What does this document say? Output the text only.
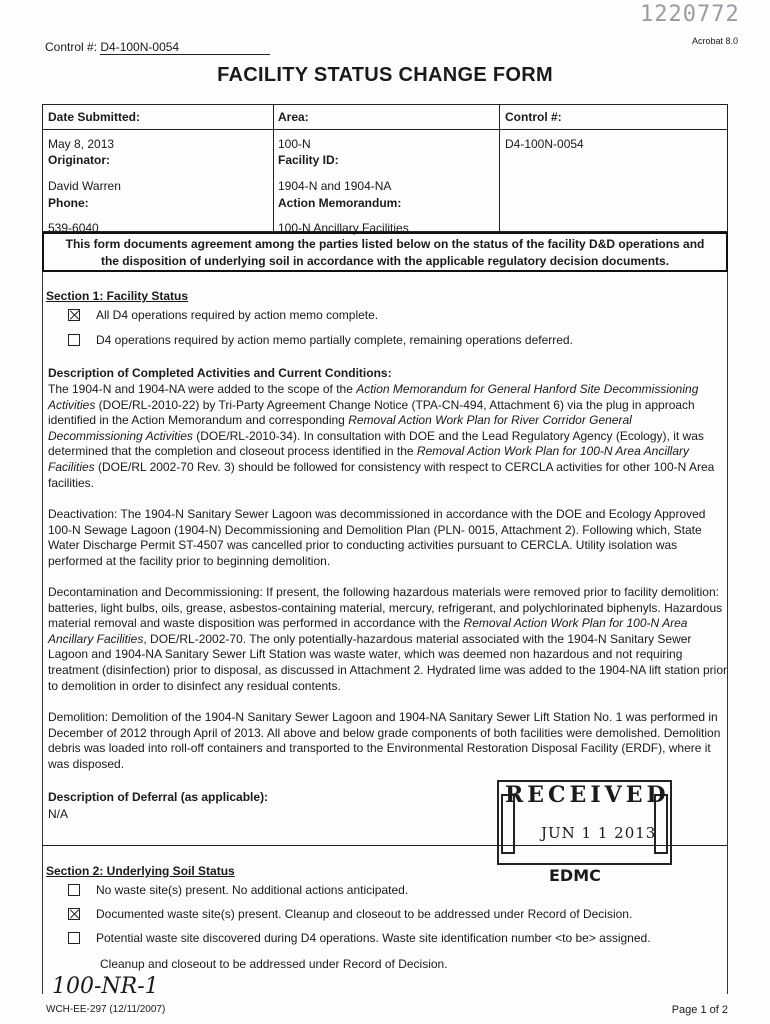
1220772
Acrobat 8.0
Control #: D4-100N-0054
FACILITY STATUS CHANGE FORM
Date Submitted:
May 8, 2013
Originator:
David Warren
Phone:
539-6040
Area:
100-N
Facility ID:
1904-N and 1904-NA
Action Memorandum:
100-N Ancillary Facilities
Control #:
D4-100N-0054
This form documents agreement among the parties listed below on the status of the facility D&D operations and
the disposition of underlying soil in accordance with the applicable regulatory decision documents.
Section 1: Facility Status
All D4 operations required by action memo complete.
D4 operations required by action memo partially complete, remaining operations deferred.
Description of Completed Activities and Current Conditions:
The 1904-N and 1904-NA were added to the scope of the Action Memorandum for General Hanford Site Decommissioning Activities (DOE/RL-2010-22) by Tri-Party Agreement Change Notice (TPA-CN-494, Attachment 6) via the plug in approach identified in the Action Memorandum and corresponding Removal Action Work Plan for River Corridor General Decommissioning Activities (DOE/RL-2010-34). In consultation with DOE and the Lead Regulatory Agency (Ecology), it was determined that the completion and closeout process identified in the Removal Action Work Plan for 100-N Area Ancillary Facilities (DOE/RL 2002-70 Rev. 3) should be followed for consistency with respect to CERCLA activities for other 100-N Area facilities.
Deactivation: The 1904-N Sanitary Sewer Lagoon was decommissioned in accordance with the DOE and Ecology Approved 100-N Sewage Lagoon (1904-N) Decommissioning and Demolition Plan (PLN- 0015, Attachment 2). Following which, State Water Discharge Permit ST-4507 was cancelled prior to conducting activities pursuant to CERCLA. Utility isolation was performed at the facility prior to beginning demolition.
Decontamination and Decommissioning: If present, the following hazardous materials were removed prior to facility demolition: batteries, light bulbs, oils, grease, asbestos-containing material, mercury, refrigerant, and polychlorinated biphenyls. Hazardous material removal and waste disposition was performed in accordance with the Removal Action Work Plan for 100-N Area Ancillary Facilities, DOE/RL-2002-70. The only potentially-hazardous material associated with the 1904-N Sanitary Sewer Lagoon and 1904-NA Sanitary Sewer Lift Station was waste water, which was deemed non hazardous and not requiring treatment (disinfection) prior to disposal, as discussed in Attachment 2. Hydrated lime was added to the 1904-NA lift station prior to demolition in order to disinfect any residual contents.
Demolition: Demolition of the 1904-N Sanitary Sewer Lagoon and 1904-NA Sanitary Sewer Lift Station No. 1 was performed in December of 2012 through April of 2013. All above and below grade components of both facilities were demolished. Demolition debris was loaded into roll-off containers and transported to the Environmental Restoration Disposal Facility (ERDF), where it was disposed.
Description of Deferral (as applicable):
N/A
RECEIVED
JUN 1 1 2013
EDMC
Section 2: Underlying Soil Status
No waste site(s) present. No additional actions anticipated.
Documented waste site(s) present. Cleanup and closeout to be addressed under Record of Decision.
Potential waste site discovered during D4 operations. Waste site identification number <to be> assigned.
Cleanup and closeout to be addressed under Record of Decision.
100-NR-1
WCH-EE-297 (12/11/2007)	Page 1 of 2
